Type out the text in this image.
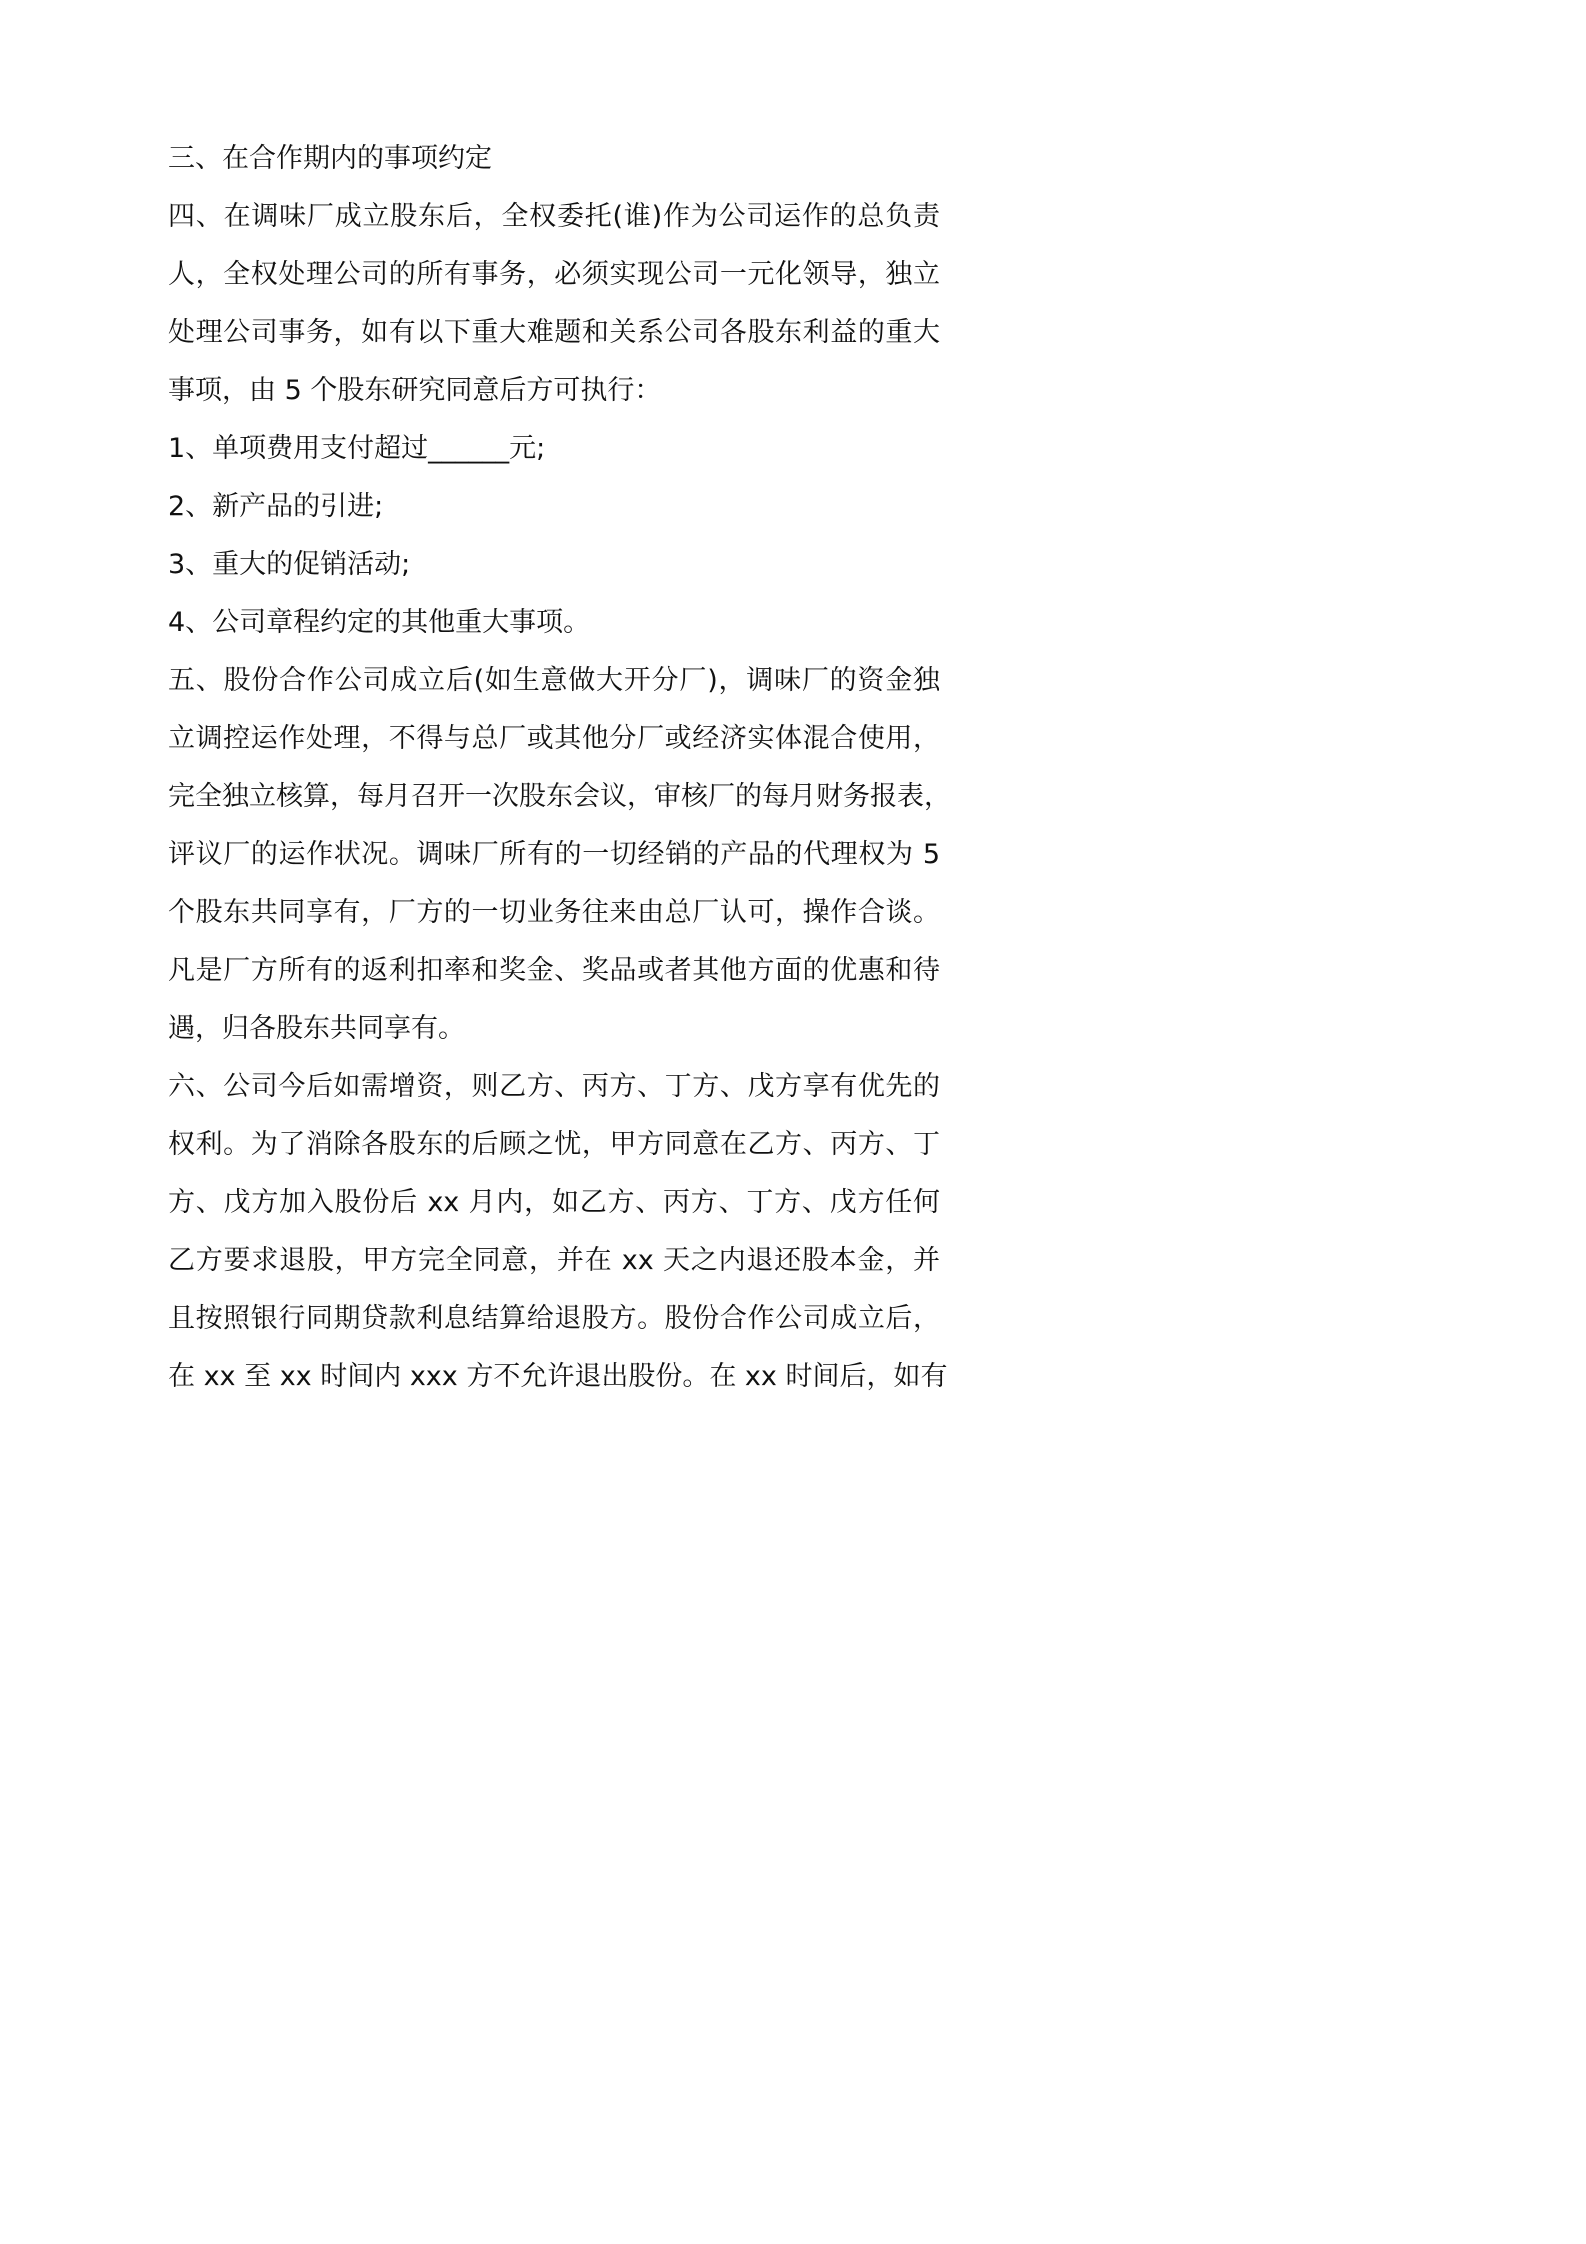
三、在合作期内的事项约定
四、在调味厂成立股东后，全权委托(谁)作为公司运作的总负责
人，全权处理公司的所有事务，必须实现公司一元化领导，独立
处理公司事务，如有以下重大难题和关系公司各股东利益的重大
事项，由 5 个股东研究同意后方可执行：
1、单项费用支付超过______元;
2、新产品的引进;
3、重大的促销活动;
4、公司章程约定的其他重大事项。
五、股份合作公司成立后(如生意做大开分厂)，调味厂的资金独
立调控运作处理，不得与总厂或其他分厂或经济实体混合使用，
完全独立核算，每月召开一次股东会议，审核厂的每月财务报表，
评议厂的运作状况。调味厂所有的一切经销的产品的代理权为 5
个股东共同享有，厂方的一切业务往来由总厂认可，操作合谈。
凡是厂方所有的返利扣率和奖金、奖品或者其他方面的优惠和待
遇，归各股东共同享有。
六、公司今后如需增资，则乙方、丙方、丁方、戊方享有优先的
权利。为了消除各股东的后顾之忧，甲方同意在乙方、丙方、丁
方、戊方加入股份后 xx 月内，如乙方、丙方、丁方、戊方任何
乙方要求退股，甲方完全同意，并在 xx 天之内退还股本金，并
且按照银行同期贷款利息结算给退股方。股份合作公司成立后，
在 xx 至 xx 时间内 xxx 方不允许退出股份。在 xx 时间后，如有
